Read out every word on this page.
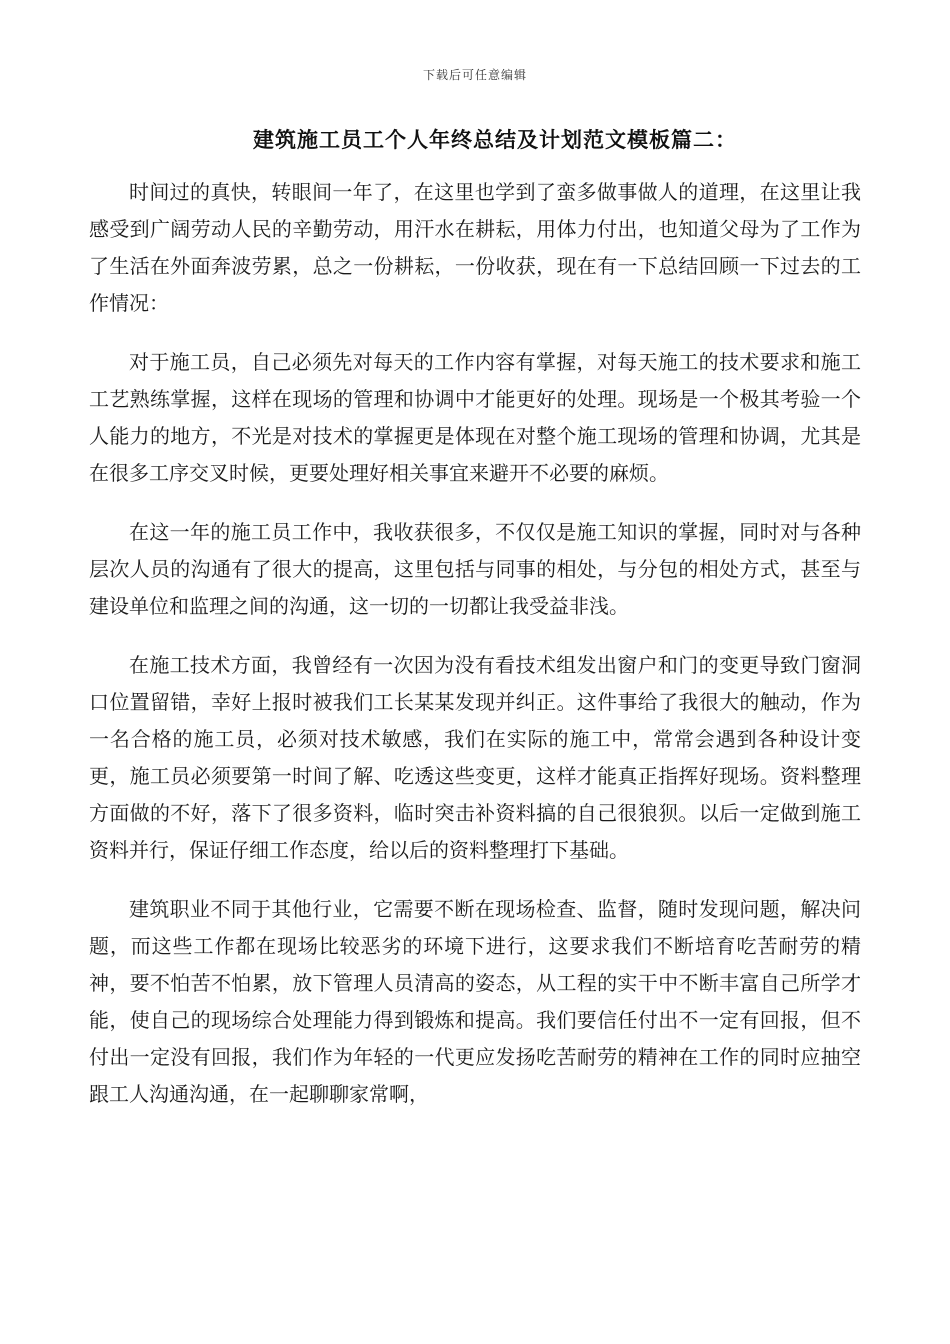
下载后可任意编辑
建筑施工员工个人年终总结及计划范文模板篇二：

时间过的真快，转眼间一年了，在这里也学到了蛮多做事做人的道理，在这里让我感受到广阔劳动人民的辛勤劳动，用汗水在耕耘，用体力付出，也知道父母为了工作为了生活在外面奔波劳累，总之一份耕耘，一份收获，现在有一下总结回顾一下过去的工作情况：

对于施工员，自己必须先对每天的工作内容有掌握，对每天施工的技术要求和施工工艺熟练掌握，这样在现场的管理和协调中才能更好的处理。现场是一个极其考验一个人能力的地方，不光是对技术的掌握更是体现在对整个施工现场的管理和协调，尤其是在很多工序交叉时候，更要处理好相关事宜来避开不必要的麻烦。

在这一年的施工员工作中，我收获很多，不仅仅是施工知识的掌握，同时对与各种层次人员的沟通有了很大的提高，这里包括与同事的相处，与分包的相处方式，甚至与建设单位和监理之间的沟通，这一切的一切都让我受益非浅。

在施工技术方面，我曾经有一次因为没有看技术组发出窗户和门的变更导致门窗洞口位置留错，幸好上报时被我们工长某某发现并纠正。这件事给了我很大的触动，作为一名合格的施工员，必须对技术敏感，我们在实际的施工中，常常会遇到各种设计变更，施工员必须要第一时间了解、吃透这些变更，这样才能真正指挥好现场。资料整理方面做的不好，落下了很多资料，临时突击补资料搞的自己很狼狈。以后一定做到施工资料并行，保证仔细工作态度，给以后的资料整理打下基础。

建筑职业不同于其他行业，它需要不断在现场检查、监督，随时发现问题，解决问题，而这些工作都在现场比较恶劣的环境下进行，这要求我们不断培育吃苦耐劳的精神，要不怕苦不怕累，放下管理人员清高的姿态，从工程的实干中不断丰富自己所学才能，使自己的现场综合处理能力得到锻炼和提高。我们要信任付出不一定有回报，但不付出一定没有回报，我们作为年轻的一代更应发扬吃苦耐劳的精神在工作的同时应抽空跟工人沟通沟通，在一起聊聊家常啊，
